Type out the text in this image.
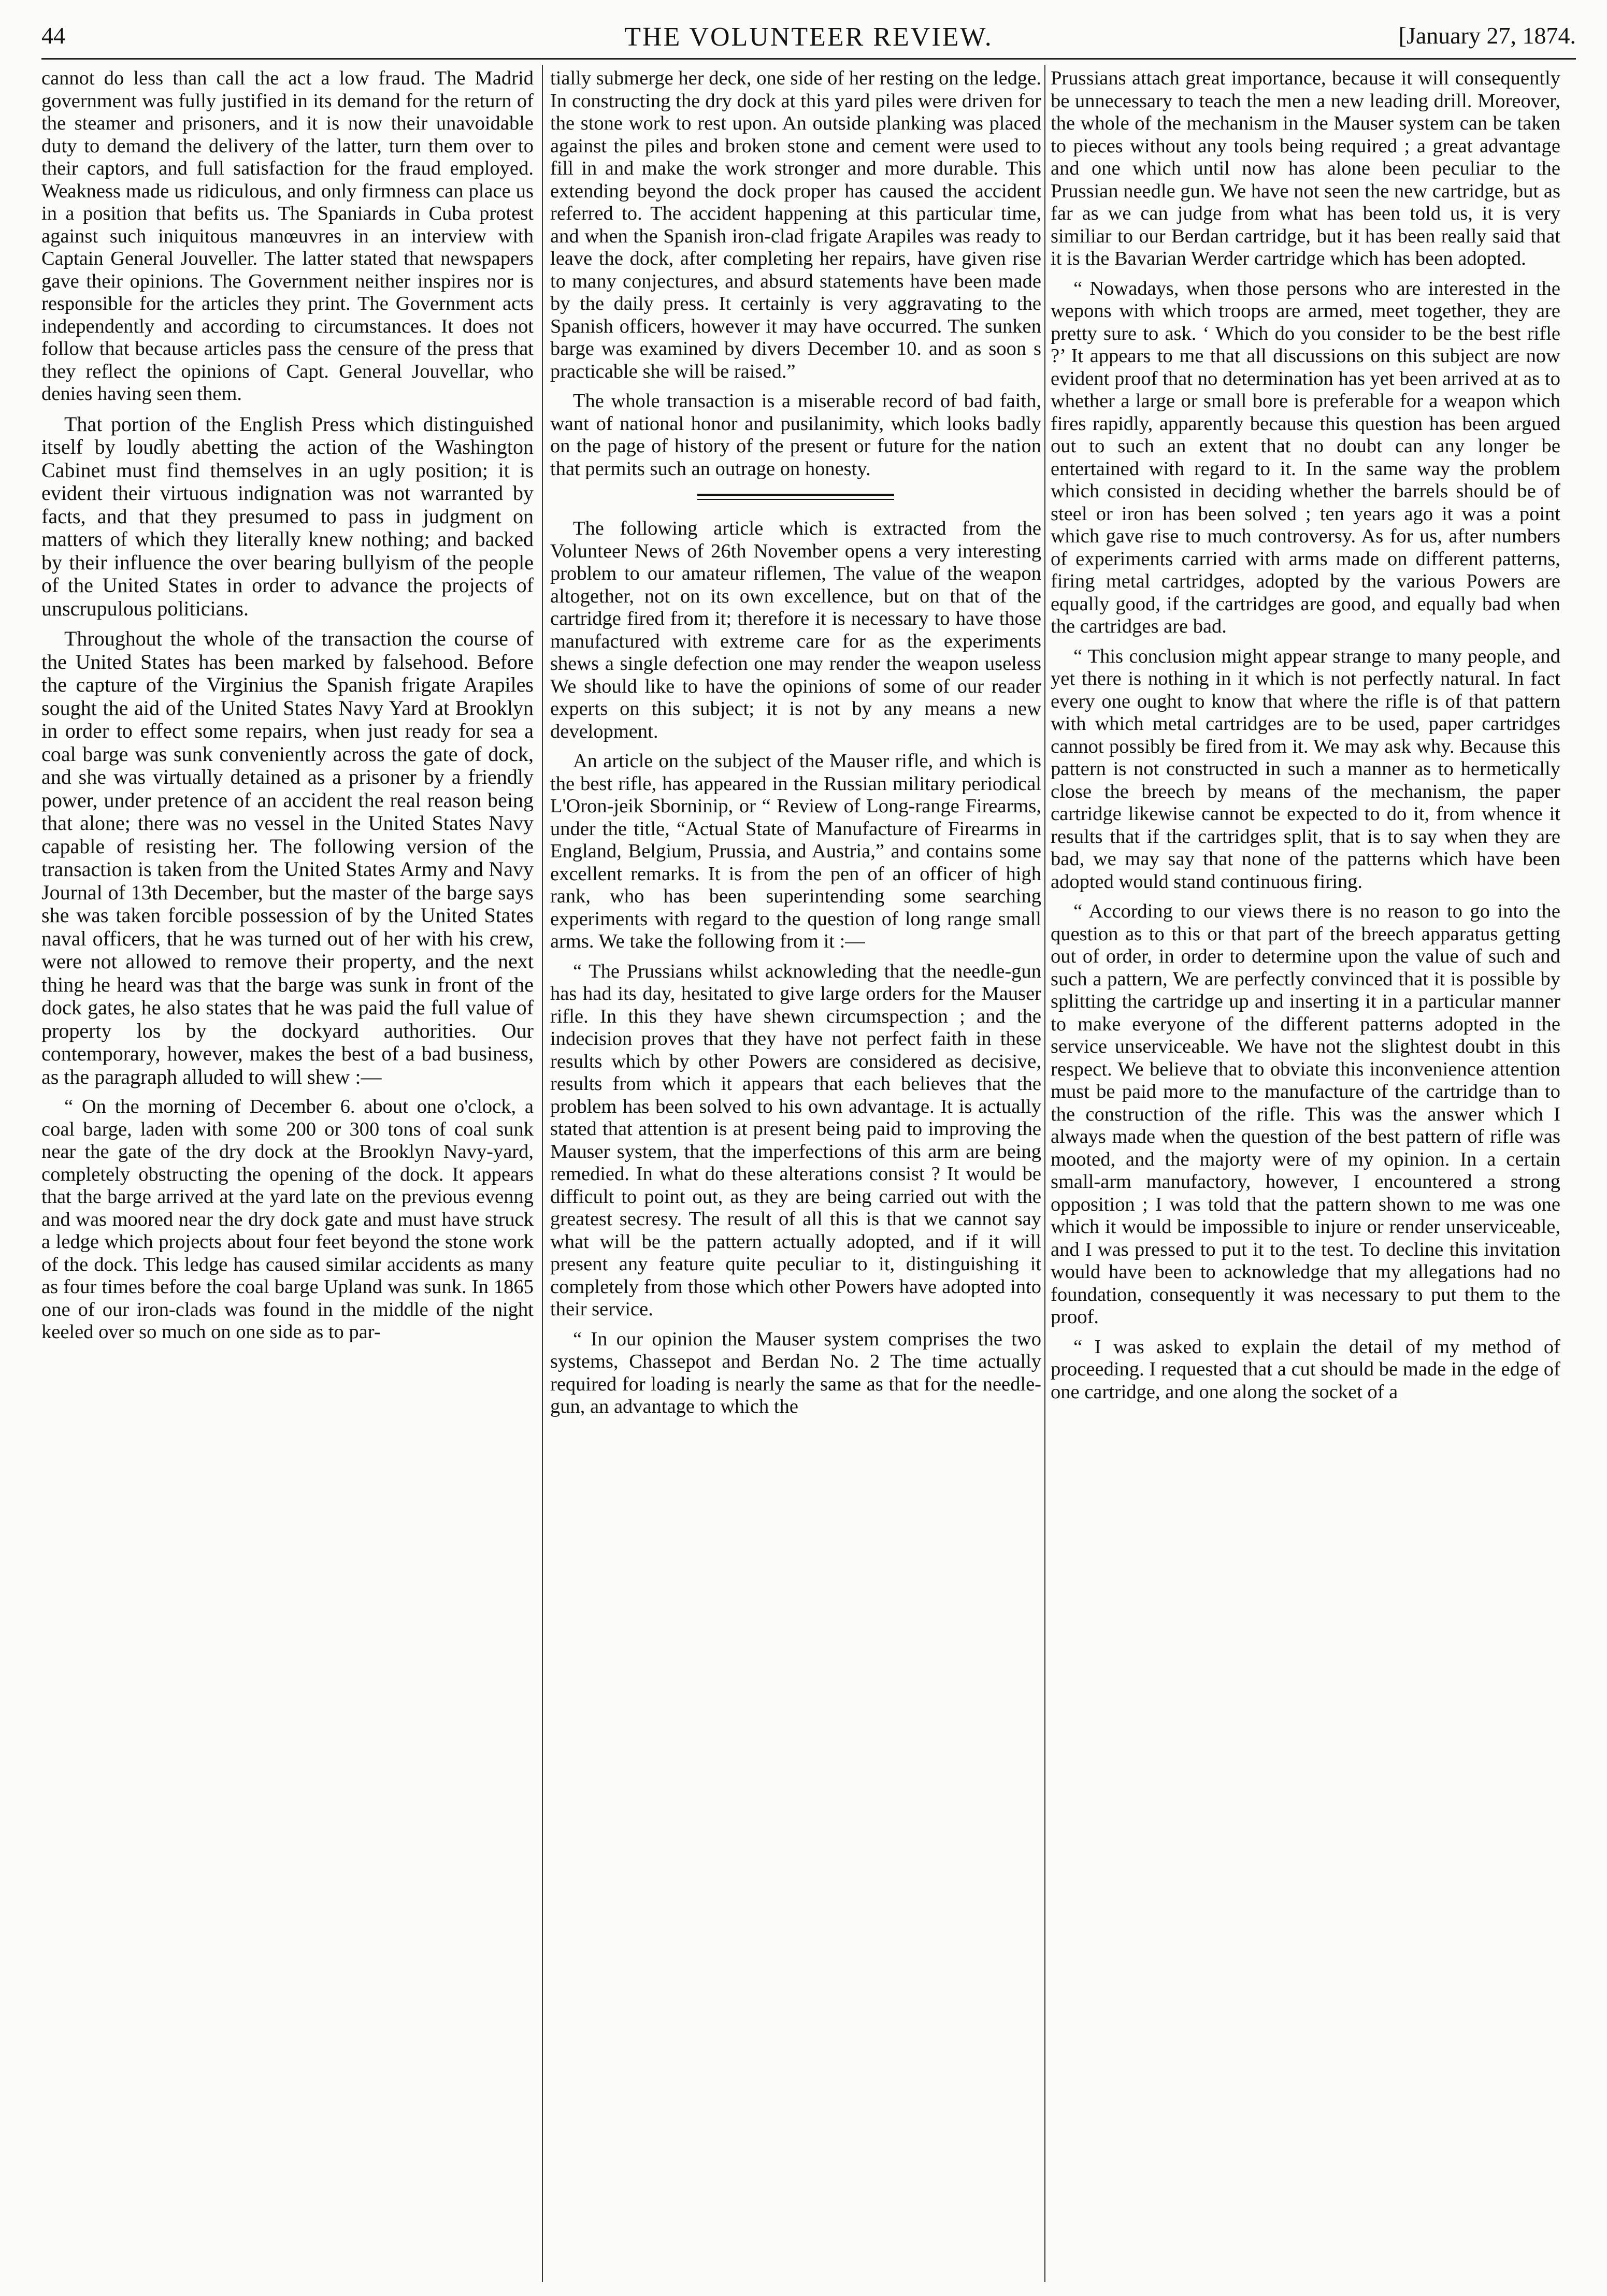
44	THE VOLUNTEER REVIEW.	[January 27, 1874.

cannot do less than call the act a low fraud. The Madrid government was fully justified in its demand for the return of the steamer and prisoners, and it is now their unavoidable duty to demand the delivery of the latter, turn them over to their captors, and full satisfaction for the fraud employed. Weakness made us ridiculous, and only firmness can place us in a position that befits us. The Spaniards in Cuba protest against such iniquitous manœuvres in an interview with Captain General Jouveller. The latter stated that newspapers gave their opinions. The Government neither inspires nor is responsible for the articles they print. The Government acts independently and according to circumstances. It does not follow that because articles pass the censure of the press that they reflect the opinions of Capt. General Jouvellar, who denies having seen them.

That portion of the English Press which distinguished itself by loudly abetting the action of the Washington Cabinet must find themselves in an ugly position; it is evident their virtuous indignation was not warranted by facts, and that they presumed to pass in judgment on matters of which they literally knew nothing; and backed by their influence the over bearing bullyism of the people of the United States in order to advance the projects of unscrupulous politicians.

Throughout the whole of the transaction the course of the United States has been marked by falsehood. Before the capture of the Virginius the Spanish frigate Arapiles sought the aid of the United States Navy Yard at Brooklyn in order to effect some repairs, when just ready for sea a coal barge was sunk conveniently across the gate of dock, and she was virtually detained as a prisoner by a friendly power, under pretence of an accident the real reason being that alone; there was no vessel in the United States Navy capable of resisting her. The following version of the transaction is taken from the United States Army and Navy Journal of 13th December, but the master of the barge says she was taken forcible possession of by the United States naval officers, that he was turned out of her with his crew, were not allowed to remove their property, and the next thing he heard was that the barge was sunk in front of the dock gates, he also states that he was paid the full value of property los by the dockyard authorities. Our contemporary, however, makes the best of a bad business, as the paragraph alluded to will shew :—

“ On the morning of December 6. about one o'clock, a coal barge, laden with some 200 or 300 tons of coal sunk near the gate of the dry dock at the Brooklyn Navy-yard, completely obstructing the opening of the dock. It appears that the barge arrived at the yard late on the previous evenng and was moored near the dry dock gate and must have struck a ledge which projects about four feet beyond the stone work of the dock. This ledge has caused similar accidents as many as four times before the coal barge Upland was sunk. In 1865 one of our iron-clads was found in the middle of the night keeled over so much on one side as to par-

tially submerge her deck, one side of her resting on the ledge. In constructing the dry dock at this yard piles were driven for the stone work to rest upon. An outside planking was placed against the piles and broken stone and cement were used to fill in and make the work stronger and more durable. This extending beyond the dock proper has caused the accident referred to. The accident happening at this particular time, and when the Spanish iron-clad frigate Arapiles was ready to leave the dock, after completing her repairs, have given rise to many conjectures, and absurd statements have been made by the daily press. It certainly is very aggravating to the Spanish officers, however it may have occurred. The sunken barge was examined by divers December 10. and as soon s practicable she will be raised.”

The whole transaction is a miserable record of bad faith, want of national honor and pusilanimity, which looks badly on the page of history of the present or future for the nation that permits such an outrage on honesty.

The following article which is extracted from the Volunteer News of 26th November opens a very interesting problem to our amateur riflemen, The value of the weapon altogether, not on its own excellence, but on that of the cartridge fired from it; therefore it is necessary to have those manufactured with extreme care for as the experiments shews a single defection one may render the weapon useless We should like to have the opinions of some of our reader experts on this subject; it is not by any means a new development.

An article on the subject of the Mauser rifle, and which is the best rifle, has appeared in the Russian military periodical L'Oron-jeik Sborninip, or “ Review of Long-range Firearms, under the title, “Actual State of Manufacture of Firearms in England, Belgium, Prussia, and Austria,” and contains some excellent remarks. It is from the pen of an officer of high rank, who has been superintending some searching experiments with regard to the question of long range small arms. We take the following from it :—

“ The Prussians whilst acknowleding that the needle-gun has had its day, hesitated to give large orders for the Mauser rifle. In this they have shewn circumspection ; and the indecision proves that they have not perfect faith in these results which by other Powers are considered as decisive, results from which it appears that each believes that the problem has been solved to his own advantage. It is actually stated that attention is at present being paid to improving the Mauser system, that the imperfections of this arm are being remedied. In what do these alterations consist ? It would be difficult to point out, as they are being carried out with the greatest secresy. The result of all this is that we cannot say what will be the pattern actually adopted, and if it will present any feature quite peculiar to it, distinguishing it completely from those which other Powers have adopted into their service.

“ In our opinion the Mauser system comprises the two systems, Chassepot and Berdan No. 2 The time actually required for loading is nearly the same as that for the needle-gun, an advantage to which the

Prussians attach great importance, because it will consequently be unnecessary to teach the men a new leading drill. Moreover, the whole of the mechanism in the Mauser system can be taken to pieces without any tools being required ; a great advantage and one which until now has alone been peculiar to the Prussian needle gun. We have not seen the new cartridge, but as far as we can judge from what has been told us, it is very similiar to our Berdan cartridge, but it has been really said that it is the Bavarian Werder cartridge which has been adopted.

“ Nowadays, when those persons who are interested in the wepons with which troops are armed, meet together, they are pretty sure to ask. ‘ Which do you consider to be the best rifle ?’ It appears to me that all discussions on this subject are now evident proof that no determination has yet been arrived at as to whether a large or small bore is preferable for a weapon which fires rapidly, apparently because this question has been argued out to such an extent that no doubt can any longer be entertained with regard to it. In the same way the problem which consisted in deciding whether the barrels should be of steel or iron has been solved ; ten years ago it was a point which gave rise to much controversy. As for us, after numbers of experiments carried with arms made on different patterns, firing metal cartridges, adopted by the various Powers are equally good, if the cartridges are good, and equally bad when the cartridges are bad.

“ This conclusion might appear strange to many people, and yet there is nothing in it which is not perfectly natural. In fact every one ought to know that where the rifle is of that pattern with which metal cartridges are to be used, paper cartridges cannot possibly be fired from it. We may ask why. Because this pattern is not constructed in such a manner as to hermetically close the breech by means of the mechanism, the paper cartridge likewise cannot be expected to do it, from whence it results that if the cartridges split, that is to say when they are bad, we may say that none of the patterns which have been adopted would stand continuous firing.

“ According to our views there is no reason to go into the question as to this or that part of the breech apparatus getting out of order, in order to determine upon the value of such and such a pattern, We are perfectly convinced that it is possible by splitting the cartridge up and inserting it in a particular manner to make everyone of the different patterns adopted in the service unserviceable. We have not the slightest doubt in this respect. We believe that to obviate this inconvenience attention must be paid more to the manufacture of the cartridge than to the construction of the rifle. This was the answer which I always made when the question of the best pattern of rifle was mooted, and the majorty were of my opinion. In a certain small-arm manufactory, however, I encountered a strong opposition ; I was told that the pattern shown to me was one which it would be impossible to injure or render unserviceable, and I was pressed to put it to the test. To decline this invitation would have been to acknowledge that my allegations had no foundation, consequently it was necessary to put them to the proof.

“ I was asked to explain the detail of my method of proceeding. I requested that a cut should be made in the edge of one cartridge, and one along the socket of a
